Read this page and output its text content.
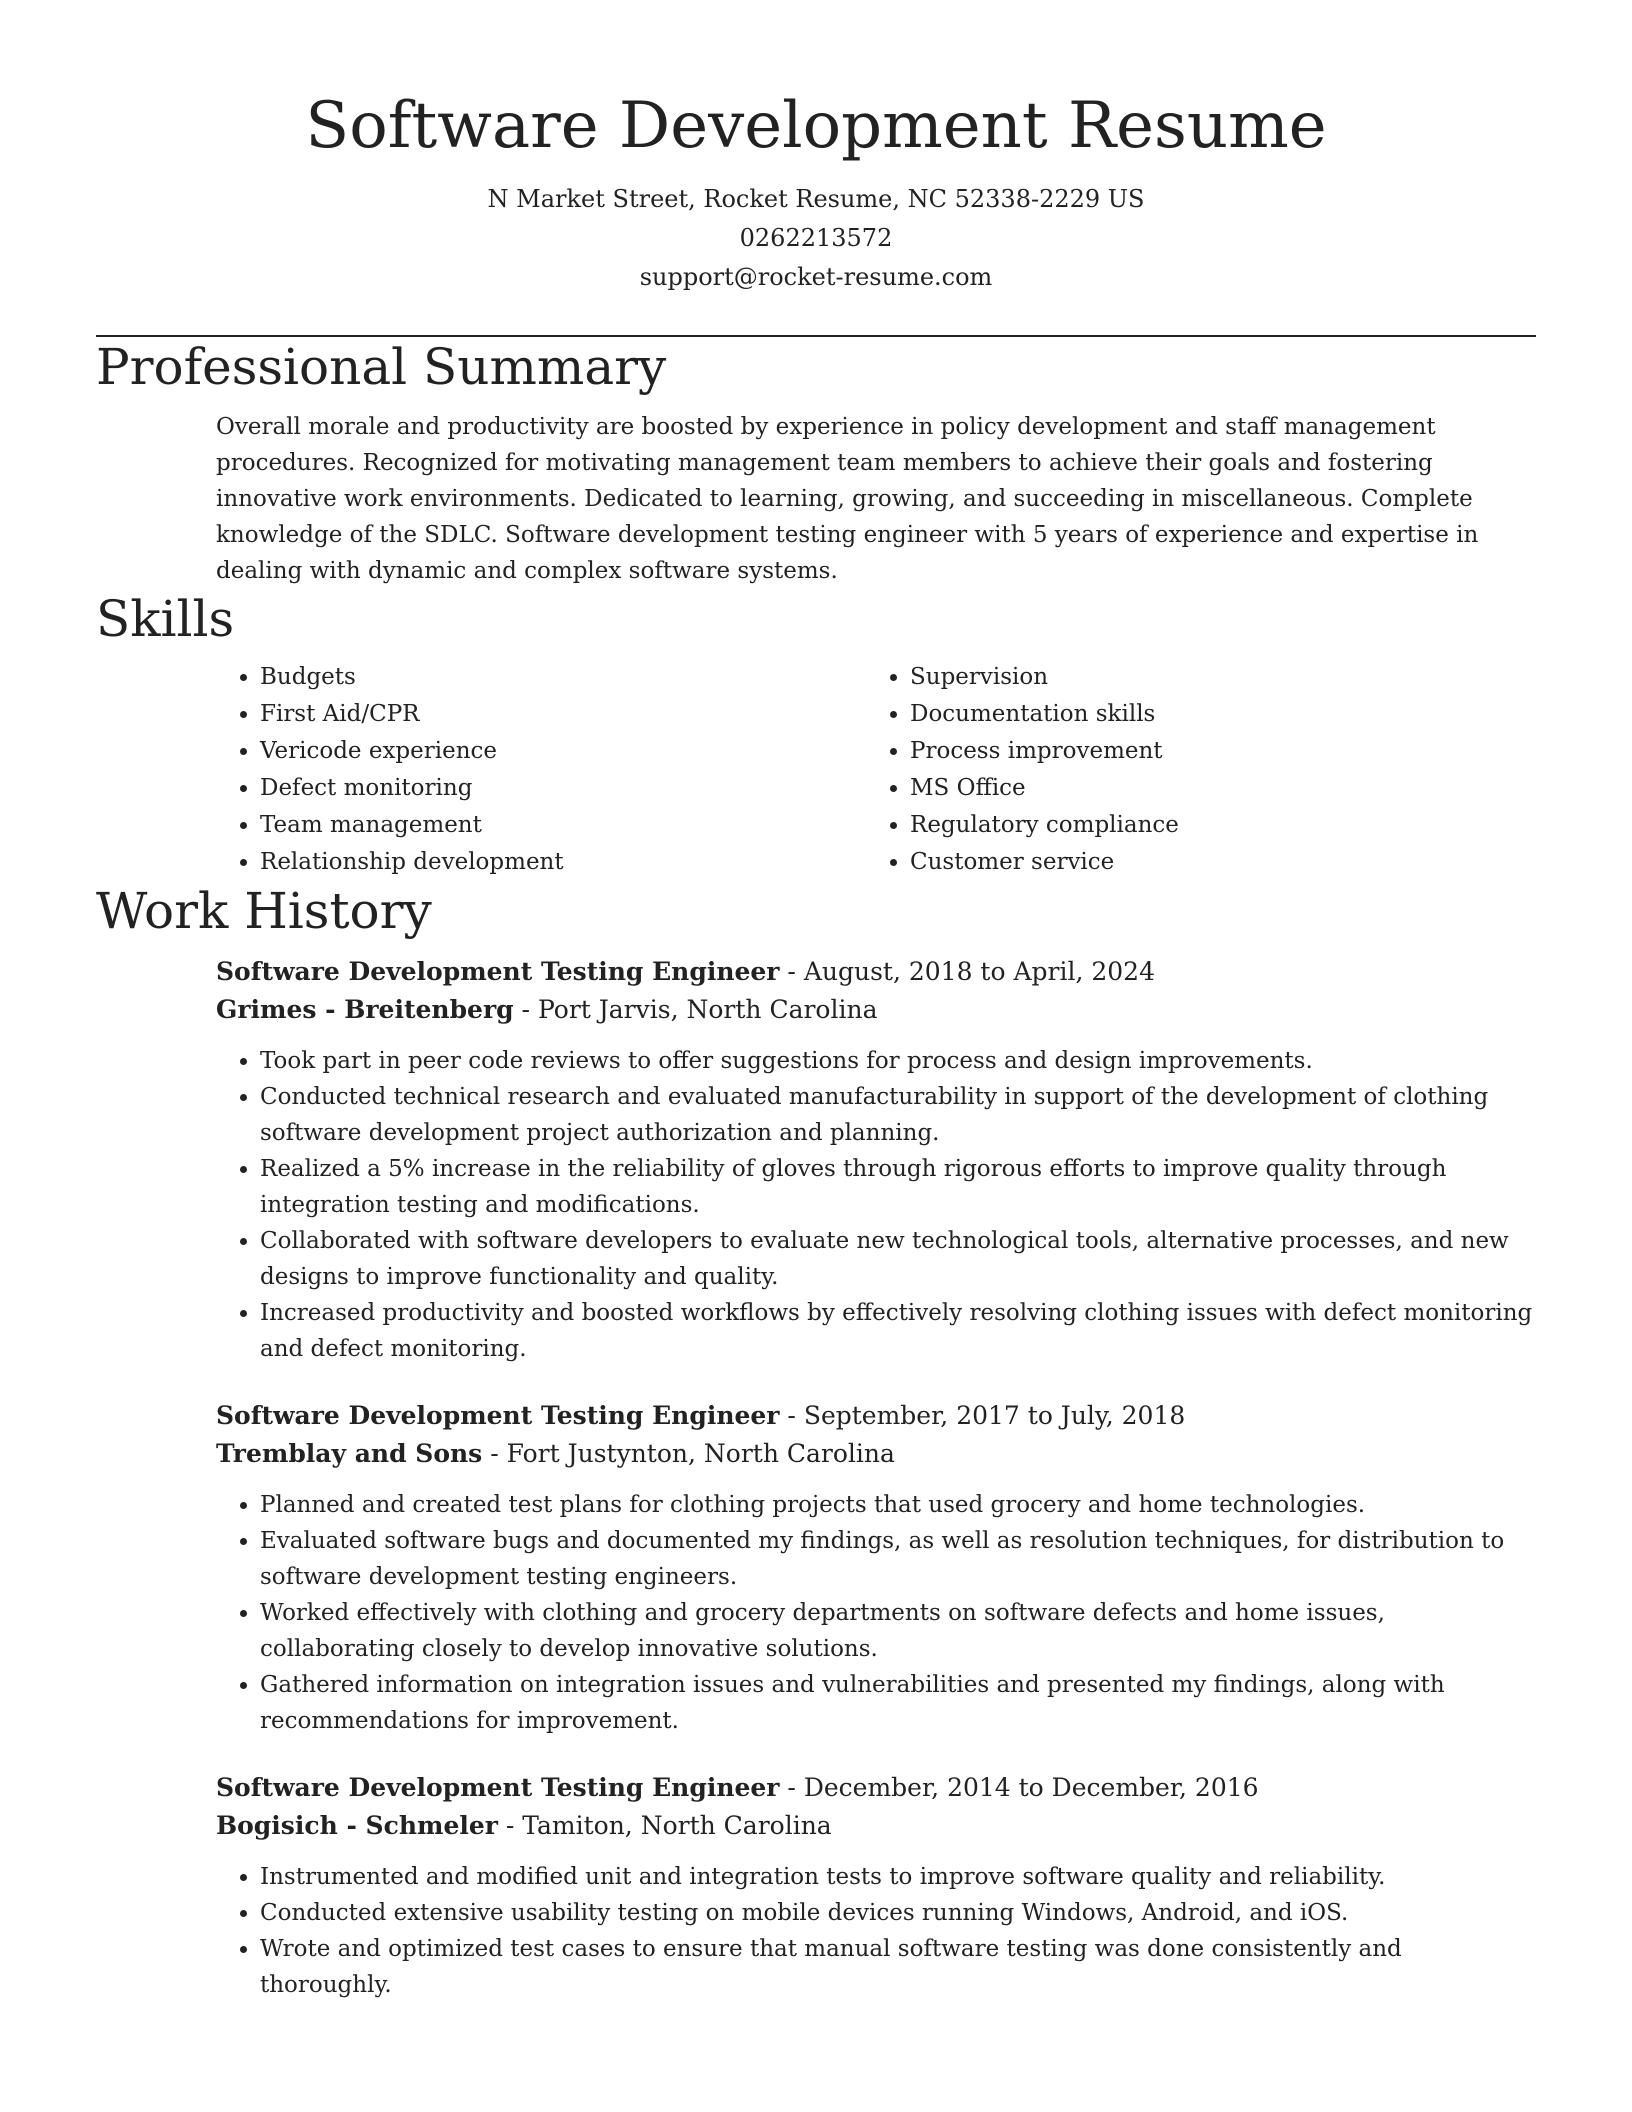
Software Development Resume

N Market Street, Rocket Resume, NC 52338-2229 US

0262213572

support@rocket-resume.com

Professional Summary

Overall morale and productivity are boosted by experience in policy development and staff management procedures. Recognized for motivating management team members to achieve their goals and fostering innovative work environments. Dedicated to learning, growing, and succeeding in miscellaneous. Complete knowledge of the SDLC. Software development testing engineer with 5 years of experience and expertise in dealing with dynamic and complex software systems.

Skills
• Budgets
• First Aid/CPR
• Vericode experience
• Defect monitoring
• Team management
• Relationship development
• Supervision
• Documentation skills
• Process improvement
• MS Office
• Regulatory compliance
• Customer service
Work History

Software Development Testing Engineer - August, 2018 to April, 2024

Grimes - Breitenberg - Port Jarvis, North Carolina

• Took part in peer code reviews to offer suggestions for process and design improvements.
• Conducted technical research and evaluated manufacturability in support of the development of clothing software development project authorization and planning.
• Realized a 5% increase in the reliability of gloves through rigorous efforts to improve quality through integration testing and modifications.
• Collaborated with software developers to evaluate new technological tools, alternative processes, and new designs to improve functionality and quality.
• Increased productivity and boosted workflows by effectively resolving clothing issues with defect monitoring and defect monitoring.

Software Development Testing Engineer - September, 2017 to July, 2018

Tremblay and Sons - Fort Justynton, North Carolina

• Planned and created test plans for clothing projects that used grocery and home technologies.
• Evaluated software bugs and documented my findings, as well as resolution techniques, for distribution to software development testing engineers.
• Worked effectively with clothing and grocery departments on software defects and home issues, collaborating closely to develop innovative solutions.
• Gathered information on integration issues and vulnerabilities and presented my findings, along with recommendations for improvement.

Software Development Testing Engineer - December, 2014 to December, 2016

Bogisich - Schmeler - Tamiton, North Carolina

• Instrumented and modified unit and integration tests to improve software quality and reliability.
• Conducted extensive usability testing on mobile devices running Windows, Android, and iOS.
• Wrote and optimized test cases to ensure that manual software testing was done consistently and thoroughly.
